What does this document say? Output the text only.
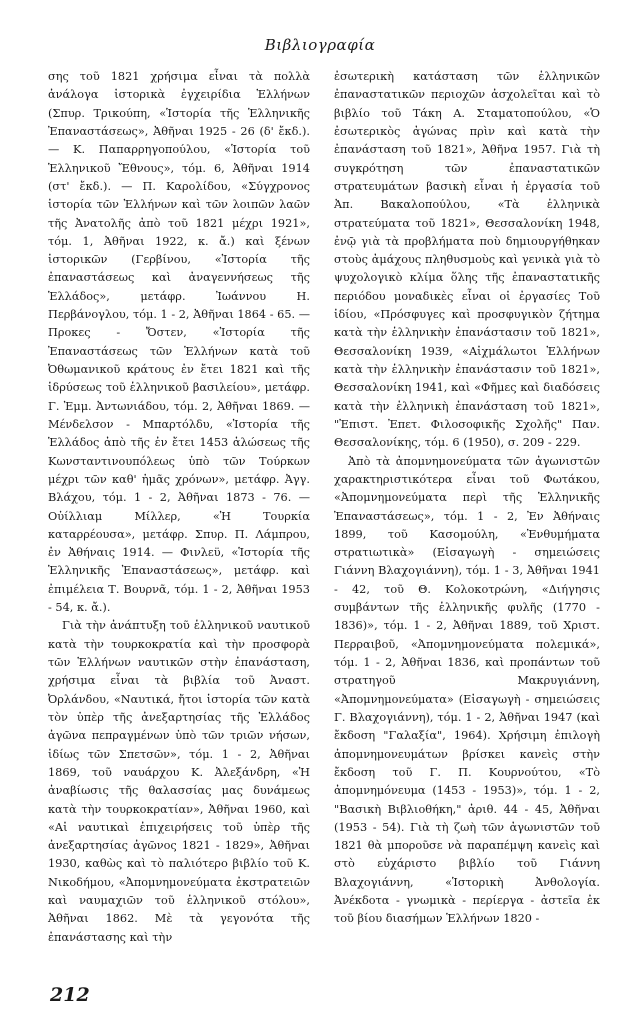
Βιβλιογραφία

σης τοῦ 1821 χρήσιμα εἶναι τὰ πολλὰ ἀνάλογα ἱστορικὰ ἐγχειρίδια Ἑλλήνων (Σπυρ. Τρικούπη, «Ἱστορία τῆς Ἑλληνικῆς Ἐπαναστάσεως», Ἀθῆναι 1925 - 26 (δ' ἔκδ.). — Κ. Παπαρρηγοπούλου, «Ἱστορία τοῦ Ἑλληνικοῦ Ἔθνους», τόμ. 6, Ἀθῆναι 1914 (στ' ἔκδ.). — Π. Καρολίδου, «Σύγχρονος ἱστορία τῶν Ἑλλήνων καὶ τῶν λοιπῶν λαῶν τῆς Ἀνατολῆς ἀπὸ τοῦ 1821 μέχρι 1921», τόμ. 1, Ἀθῆναι 1922, κ. ἄ.) καὶ ξένων ἱστορικῶν (Γερβίνου, «Ἱστορία τῆς ἐπαναστάσεως καὶ ἀναγεννήσεως τῆς Ἑλλάδος», μετάφρ. Ἰωάννου Η. Περβάνογλου, τόμ. 1 - 2, Ἀθῆναι 1864 - 65. — Προκες - Ὄστεν, «Ἱστορία τῆς Ἐπαναστάσεως τῶν Ἑλλήνων κατὰ τοῦ Ὀθωμανικοῦ κράτους ἐν ἔτει 1821 καὶ τῆς ἱδρύσεως τοῦ ἑλληνικοῦ βασιλείου», μετάφρ. Γ. Ἐμμ. Ἀντωνιάδου, τόμ. 2, Ἀθῆναι 1869. — Μένδελσον - Μπαρτόλδυ, «Ἱστορία τῆς Ἑλλάδος ἀπὸ τῆς ἐν ἔτει 1453 ἁλώσεως τῆς Κωνσταντινουπόλεως ὑπὸ τῶν Τούρκων μέχρι τῶν καθ' ἡμᾶς χρόνων», μετάφρ. Ἀγγ. Βλάχου, τόμ. 1 - 2, Ἀθῆναι 1873 - 76. — Οὐίλλιαμ Μίλλερ, «Ἡ Τουρκία καταρρέουσα», μετάφρ. Σπυρ. Π. Λάμπρου, ἐν Ἀθήναις 1914. — Φινλεϋ, «Ἱστορία τῆς Ἑλληνικῆς Ἐπαναστάσεως», μετάφρ. καὶ ἐπιμέλεια Τ. Βουρνᾶ, τόμ. 1 - 2, Ἀθῆναι 1953 - 54, κ. ἄ.).

Γιὰ τὴν ἀνάπτυξη τοῦ ἑλληνικοῦ ναυτικοῦ κατὰ τὴν τουρκοκρατία καὶ τὴν προσφορὰ τῶν Ἑλλήνων ναυτικῶν στὴν ἐπανάσταση, χρήσιμα εἶναι τὰ βιβλία τοῦ Ἀναστ. Ὀρλάνδου, «Ναυτικά, ἤτοι ἱστορία τῶν κατὰ τὸν ὑπὲρ τῆς ἀνεξαρτησίας τῆς Ἑλλάδος ἀγῶνα πεπραγμένων ὑπὸ τῶν τριῶν νήσων, ἰδίως τῶν Σπετσῶν», τόμ. 1 - 2, Ἀθῆναι 1869, τοῦ ναυάρχου Κ. Ἀλεξάνδρη, «Ἡ ἀναβίωσις τῆς θαλασσίας μας δυνάμεως κατὰ τὴν τουρκοκρατίαν», Ἀθῆναι 1960, καὶ «Αἱ ναυτικαὶ ἐπιχειρήσεις τοῦ ὑπὲρ τῆς ἀνεξαρτησίας ἀγῶνος 1821 - 1829», Ἀθῆναι 1930, καθὼς καὶ τὸ παλιότερο βιβλίο τοῦ Κ. Νικοδήμου, «Ἀπομνημονεύματα ἐκστρατειῶν καὶ ναυμαχιῶν τοῦ ἑλληνικοῦ στόλου», Ἀθῆναι 1862. Μὲ τὰ γεγονότα τῆς ἐπανάστασης καὶ τὴν

ἐσωτερικὴ κατάσταση τῶν ἑλληνικῶν ἐπαναστατικῶν περιοχῶν ἀσχολεῖται καὶ τὸ βιβλίο τοῦ Τάκη Α. Σταματοπούλου, «Ὁ ἐσωτερικὸς ἀγώνας πρὶν καὶ κατὰ τὴν ἐπανάσταση τοῦ 1821», Ἀθῆνα 1957. Γιὰ τὴ συγκρότηση τῶν ἐπαναστατικῶν στρατευμάτων βασικὴ εἶναι ἡ ἐργασία τοῦ Ἀπ. Βακαλοπούλου, «Τὰ ἑλληνικὰ στρατεύματα τοῦ 1821», Θεσσαλονίκη 1948, ἐνῷ γιὰ τὰ προβλήματα ποὺ δημιουργήθηκαν στοὺς ἀμάχους πληθυσμοὺς καὶ γενικὰ γιὰ τὸ ψυχολογικὸ κλίμα ὅλης τῆς ἐπαναστατικῆς περιόδου μοναδικὲς εἶναι οἱ ἐργασίες Τοῦ ἰδίου, «Πρόσφυγες καὶ προσφυγικὸν ζήτημα κατὰ τὴν ἑλληνικὴν ἐπανάστασιν τοῦ 1821», Θεσσαλονίκη 1939, «Αἰχμάλωτοι Ἑλλήνων κατὰ τὴν ἑλληνικὴν ἐπανάστασιν τοῦ 1821», Θεσσαλονίκη 1941, καὶ «Φῆμες καὶ διαδόσεις κατὰ τὴν ἑλληνικὴ ἐπανάσταση τοῦ 1821», "Ἐπιστ. Ἐπετ. Φιλοσοφικῆς Σχολῆς" Παν. Θεσσαλονίκης, τόμ. 6 (1950), σ. 209 - 229.

Ἀπὸ τὰ ἀπομνημονεύματα τῶν ἀγωνιστῶν χαρακτηριστικότερα εἶναι τοῦ Φωτάκου, «Ἀπομνημονεύματα περὶ τῆς Ἑλληνικῆς Ἐπαναστάσεως», τόμ. 1 - 2, Ἐν Ἀθήναις 1899, τοῦ Κασομούλη, «Ἐνθυμήματα στρατιωτικὰ» (Εἰσαγωγὴ - σημειώσεις Γιάννη Βλαχογιάννη), τόμ. 1 - 3, Ἀθῆναι 1941 - 42, τοῦ Θ. Κολοκοτρώνη, «Διήγησις συμβάντων τῆς ἑλληνικῆς φυλῆς (1770 - 1836)», τόμ. 1 - 2, Ἀθῆναι 1889, τοῦ Χριστ. Περραιβοῦ, «Ἀπομνημονεύματα πολεμικά», τόμ. 1 - 2, Ἀθῆναι 1836, καὶ προπάντων τοῦ στρατηγοῦ Μακρυγιάννη, «Ἀπομνημονεύματα» (Εἰσαγωγὴ - σημειώσεις Γ. Βλαχογιάννη), τόμ. 1 - 2, Ἀθῆναι 1947 (καὶ ἔκδοση "Γαλαξία", 1964). Χρήσιμη ἐπιλογὴ ἀπομνημονευμάτων βρίσκει κανεὶς στὴν ἔκδοση τοῦ Γ. Π. Κουρνούτου, «Τὸ ἀπομνημόνευμα (1453 - 1953)», τόμ. 1 - 2, "Βασικὴ Βιβλιοθήκη," ἀριθ. 44 - 45, Ἀθῆναι (1953 - 54). Γιὰ τὴ ζωὴ τῶν ἀγωνιστῶν τοῦ 1821 θὰ μποροῦσε νὰ παραπέμψη κανεὶς καὶ στὸ εὐχάριστο βιβλίο τοῦ Γιάννη Βλαχογιάννη, «Ἱστορικὴ Ἀνθολογία. Ἀνέκδοτα - γνωμικὰ - περίεργα - ἀστεῖα ἐκ τοῦ βίου διασήμων Ἑλλήνων 1820 -

212
